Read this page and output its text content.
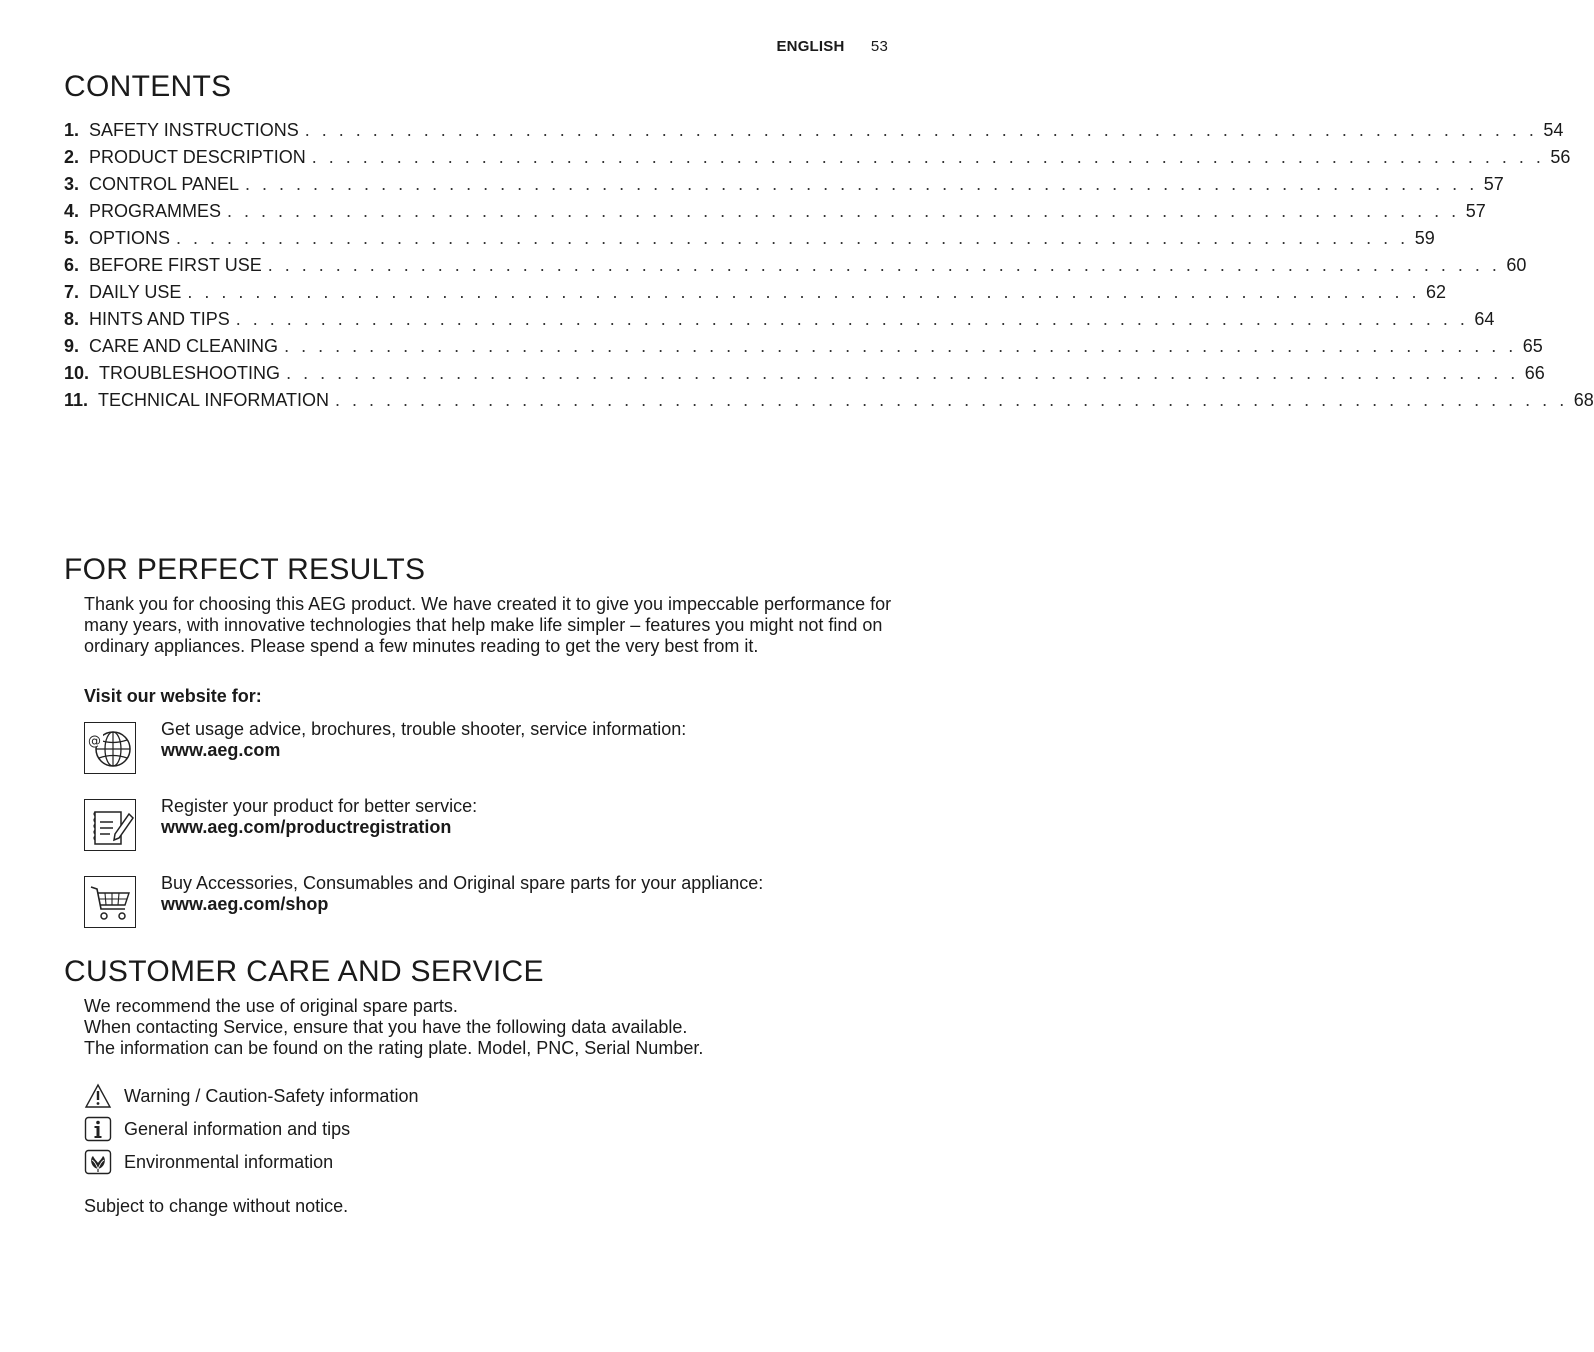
ENGLISH 53
CONTENTS
1. SAFETY INSTRUCTIONS . . . . . . . . . . . . . . . . . . . . . . . . . . . . . . . . . . . . . . . . . . . . . . . . . . . . . . . . . . . . . . . . . . . . . . . . . 54
2. PRODUCT DESCRIPTION . . . . . . . . . . . . . . . . . . . . . . . . . . . . . . . . . . . . . . . . . . . . . . . . . . . . . . . . . . . . . . . . . . . . . . . . . 56
3. CONTROL PANEL . . . . . . . . . . . . . . . . . . . . . . . . . . . . . . . . . . . . . . . . . . . . . . . . . . . . . . . . . . . . . . . . . . . . . . . . . 57
4. PROGRAMMES . . . . . . . . . . . . . . . . . . . . . . . . . . . . . . . . . . . . . . . . . . . . . . . . . . . . . . . . . . . . . . . . . . . . . . . . . 57
5. OPTIONS . . . . . . . . . . . . . . . . . . . . . . . . . . . . . . . . . . . . . . . . . . . . . . . . . . . . . . . . . . . . . . . . . . . . . . . . . 59
6. BEFORE FIRST USE . . . . . . . . . . . . . . . . . . . . . . . . . . . . . . . . . . . . . . . . . . . . . . . . . . . . . . . . . . . . . . . . . . . . . . . . . 60
7. DAILY USE . . . . . . . . . . . . . . . . . . . . . . . . . . . . . . . . . . . . . . . . . . . . . . . . . . . . . . . . . . . . . . . . . . . . . . . . . 62
8. HINTS AND TIPS . . . . . . . . . . . . . . . . . . . . . . . . . . . . . . . . . . . . . . . . . . . . . . . . . . . . . . . . . . . . . . . . . . . . . . . . . 64
9. CARE AND CLEANING . . . . . . . . . . . . . . . . . . . . . . . . . . . . . . . . . . . . . . . . . . . . . . . . . . . . . . . . . . . . . . . . . . . . . . . . . 65
10. TROUBLESHOOTING . . . . . . . . . . . . . . . . . . . . . . . . . . . . . . . . . . . . . . . . . . . . . . . . . . . . . . . . . . . . . . . . . . . . . . . . . 66
11. TECHNICAL INFORMATION . . . . . . . . . . . . . . . . . . . . . . . . . . . . . . . . . . . . . . . . . . . . . . . . . . . . . . . . . . . . . . . . . . . . . . . . . 68
FOR PERFECT RESULTS

Thank you for choosing this AEG product. We have created it to give you impeccable performance for many years, with innovative technologies that help make life simpler – features you might not find on ordinary appliances. Please spend a few minutes reading to get the very best from it.

Visit our website for:

@
Get usage advice, brochures, trouble shooter, service information:
www.aeg.com
Register your product for better service:
www.aeg.com/productregistration
Buy Accessories, Consumables and Original spare parts for your appliance:
www.aeg.com/shop
CUSTOMER CARE AND SERVICE
We recommend the use of original spare parts.
When contacting Service, ensure that you have the following data available.
The information can be found on the rating plate. Model, PNC, Serial Number.
Warning / Caution-Safety information
General information and tips
Environmental information

Subject to change without notice.
